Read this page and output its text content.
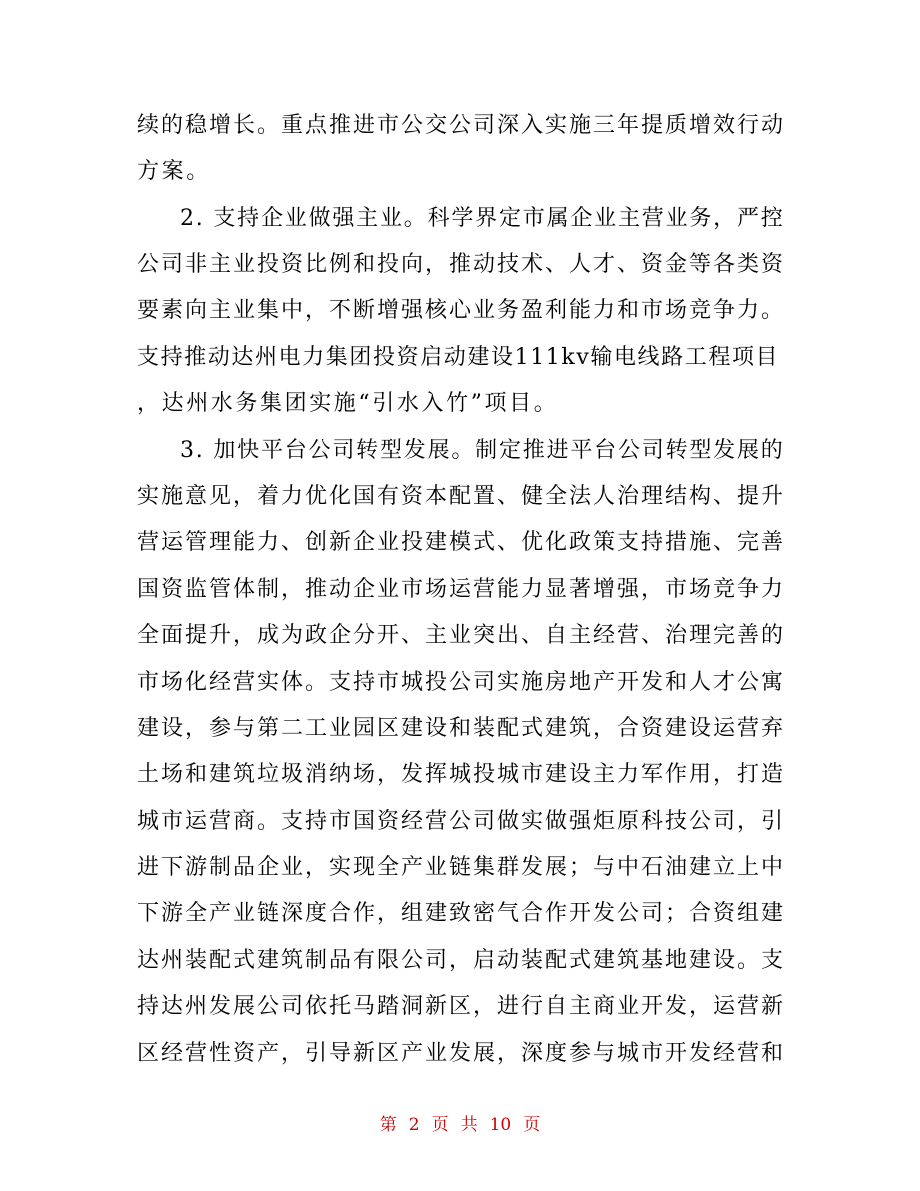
续的稳增长。重点推进市公交公司深入实施三年提质增效行动
方案。
2. 支持企业做强主业。科学界定市属企业主营业务，严控
公司非主业投资比例和投向，推动技术、人才、资金等各类资
要素向主业集中，不断增强核心业务盈利能力和市场竞争力。
支持推动达州电力集团投资启动建设111kv输电线路工程项目
，达州水务集团实施“引水入竹”项目。
3. 加快平台公司转型发展。制定推进平台公司转型发展的
实施意见，着力优化国有资本配置、健全法人治理结构、提升
营运管理能力、创新企业投建模式、优化政策支持措施、完善
国资监管体制，推动企业市场运营能力显著增强，市场竞争力
全面提升，成为政企分开、主业突出、自主经营、治理完善的
市场化经营实体。支持市城投公司实施房地产开发和人才公寓
建设，参与第二工业园区建设和装配式建筑，合资建设运营弃
土场和建筑垃圾消纳场，发挥城投城市建设主力军作用，打造
城市运营商。支持市国资经营公司做实做强炬原科技公司，引
进下游制品企业，实现全产业链集群发展；与中石油建立上中
下游全产业链深度合作，组建致密气合作开发公司；合资组建
达州装配式建筑制品有限公司，启动装配式建筑基地建设。支
持达州发展公司依托马踏洞新区，进行自主商业开发，运营新
区经营性资产，引导新区产业发展，深度参与城市开发经营和
第 2 页 共 10 页
